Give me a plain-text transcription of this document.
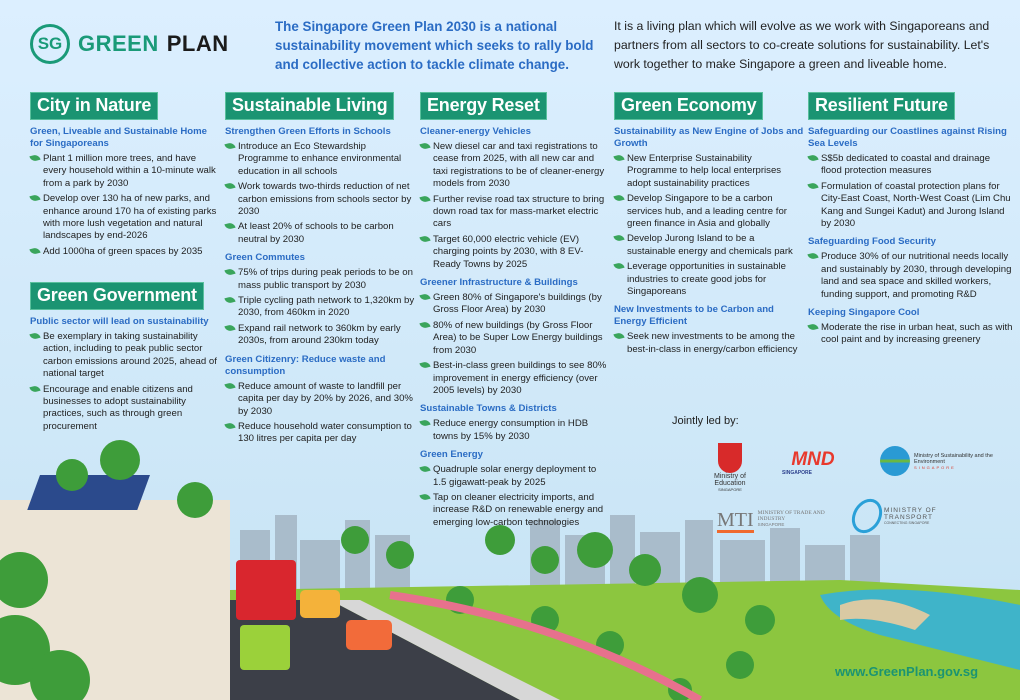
SG GREEN PLAN
The Singapore Green Plan 2030 is a national sustainability movement which seeks to rally bold and collective action to tackle climate change.
It is a living plan which will evolve as we work with Singaporeans and partners from all sectors to co-create solutions for sustainability. Let's work together to make Singapore a green and liveable home.
City in Nature
Green, Liveable and Sustainable Home for Singaporeans
Plant 1 million more trees, and have every household within a 10-minute walk from a park by 2030
Develop over 130 ha of new parks, and enhance around 170 ha of existing parks with more lush vegetation and natural landscapes by end-2026
Add 1000ha of green spaces by 2035
Sustainable Living
Strengthen Green Efforts in Schools
Introduce an Eco Stewardship Programme to enhance environmental education in all schools
Work towards two-thirds reduction of net carbon emissions from schools sector by 2030
At least 20% of schools to be carbon neutral by 2030
Green Commutes
75% of trips during peak periods to be on mass public transport by 2030
Triple cycling path network to 1,320km by 2030, from 460km in 2020
Expand rail network to 360km by early 2030s, from around 230km today
Green Citizenry: Reduce waste and consumption
Reduce amount of waste to landfill per capita per day by 20% by 2026, and 30% by 2030
Reduce household water consumption to 130 litres per capita per day
Energy Reset
Cleaner-energy Vehicles
New diesel car and taxi registrations to cease from 2025, with all new car and taxi registrations to be of cleaner-energy models from 2030
Further revise road tax structure to bring down road tax for mass-market electric cars
Target 60,000 electric vehicle (EV) charging points by 2030, with 8 EV-Ready Towns by 2025
Greener Infrastructure & Buildings
Green 80% of Singapore's buildings (by Gross Floor Area) by 2030
80% of new buildings (by Gross Floor Area) to be Super Low Energy buildings from 2030
Best-in-class green buildings to see 80% improvement in energy efficiency (over 2005 levels) by 2030
Sustainable Towns & Districts
Reduce energy consumption in HDB towns by 15% by 2030
Green Energy
Quadruple solar energy deployment to 1.5 gigawatt-peak by 2025
Tap on cleaner electricity imports, and increase R&D on renewable energy and emerging low-carbon technologies
Green Economy
Sustainability as New Engine of Jobs and Growth
New Enterprise Sustainability Programme to help local enterprises adopt sustainability practices
Develop Singapore to be a carbon services hub, and a leading centre for green finance in Asia and globally
Develop Jurong Island to be a sustainable energy and chemicals park
Leverage opportunities in sustainable industries to create good jobs for Singaporeans
New Investments to be Carbon and Energy Efficient
Seek new investments to be among the best-in-class in energy/carbon efficiency
Resilient Future
Safeguarding our Coastlines against Rising Sea Levels
S$5b dedicated to coastal and drainage flood protection measures
Formulation of coastal protection plans for City-East Coast, North-West Coast (Lim Chu Kang and Sungei Kadut) and Jurong Island by 2030
Safeguarding Food Security
Produce 30% of our nutritional needs locally and sustainably by 2030, through developing land and sea space and skilled workers, funding support, and promoting R&D
Keeping Singapore Cool
Moderate the rise in urban heat, such as with cool paint and by increasing greenery
Green Government
Public sector will lead on sustainability
Be exemplary in taking sustainability action, including to peak public sector carbon emissions around 2025, ahead of national target
Encourage and enable citizens and businesses to adopt sustainability practices, such as through green procurement	Jointly led by:
Ministry of Education
SINGAPORE
MND
SINGAPORE
Ministry of Sustainability and the Environment
SINGAPORE
MTI MINISTRY OF TRADE AND INDUSTRY
SINGAPORE
MINISTRY OF TRANSPORT
CONNECTING SINGAPORE
www.GreenPlan.gov.sg
